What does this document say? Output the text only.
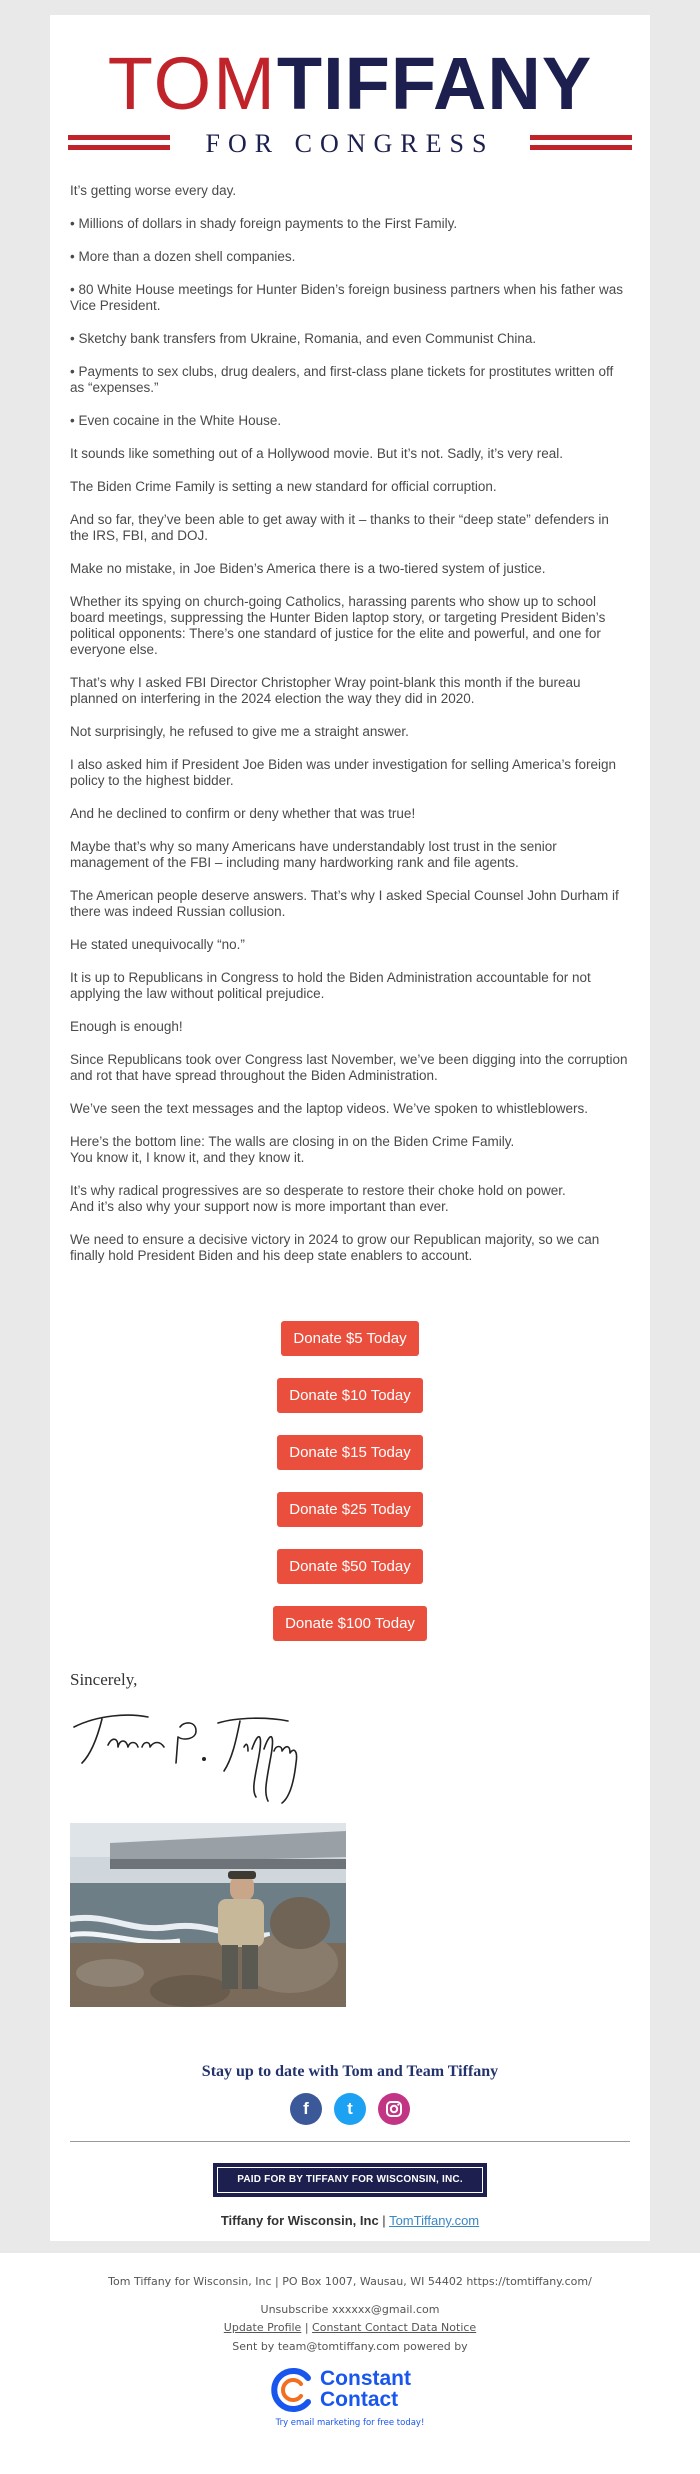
TOMTIFFANY
FOR CONGRESS

It’s getting worse every day.

• Millions of dollars in shady foreign payments to the First Family.

• More than a dozen shell companies.

• 80 White House meetings for Hunter Biden’s foreign business partners when his father was Vice President.

• Sketchy bank transfers from Ukraine, Romania, and even Communist China.

• Payments to sex clubs, drug dealers, and first-class plane tickets for prostitutes written off as “expenses.”

• Even cocaine in the White House.

It sounds like something out of a Hollywood movie. But it’s not. Sadly, it’s very real.

The Biden Crime Family is setting a new standard for official corruption.

And so far, they’ve been able to get away with it – thanks to their “deep state” defenders in the IRS, FBI, and DOJ.

Make no mistake, in Joe Biden’s America there is a two-tiered system of justice.

Whether its spying on church-going Catholics, harassing parents who show up to school board meetings, suppressing the Hunter Biden laptop story, or targeting President Biden’s political opponents: There’s one standard of justice for the elite and powerful, and one for everyone else.

That’s why I asked FBI Director Christopher Wray point-blank this month if the bureau planned on interfering in the 2024 election the way they did in 2020.

Not surprisingly, he refused to give me a straight answer.

I also asked him if President Joe Biden was under investigation for selling America’s foreign policy to the highest bidder.

And he declined to confirm or deny whether that was true!

Maybe that’s why so many Americans have understandably lost trust in the senior management of the FBI – including many hardworking rank and file agents.

The American people deserve answers. That’s why I asked Special Counsel John Durham if there was indeed Russian collusion.

He stated unequivocally “no.”

It is up to Republicans in Congress to hold the Biden Administration accountable for not applying the law without political prejudice.

Enough is enough!

Since Republicans took over Congress last November, we’ve been digging into the corruption and rot that have spread throughout the Biden Administration.

We’ve seen the text messages and the laptop videos. We’ve spoken to whistleblowers.

Here’s the bottom line: The walls are closing in on the Biden Crime Family.
You know it, I know it, and they know it.

It’s why radical progressives are so desperate to restore their choke hold on power.
And it’s also why your support now is more important than ever.

We need to ensure a decisive victory in 2024 to grow our Republican majority, so we can finally hold President Biden and his deep state enablers to account.

Donate $5 Today
Donate $10 Today
Donate $15 Today
Donate $25 Today
Donate $50 Today
Donate $100 Today
Sincerely,
Stay up to date with Tom and Team Tiffany
f	t
PAID FOR BY TIFFANY FOR WISCONSIN, INC.
Tiffany for Wisconsin, Inc | TomTiffany.com
Tom Tiffany for Wisconsin, Inc | PO Box 1007, Wausau, WI 54402 https://tomtiffany.com/
Unsubscribe xxxxxx@gmail.com
Update Profile | Constant Contact Data Notice
Sent by team@tomtiffany.com powered by
Constant
Contact
Try email marketing for free today!
